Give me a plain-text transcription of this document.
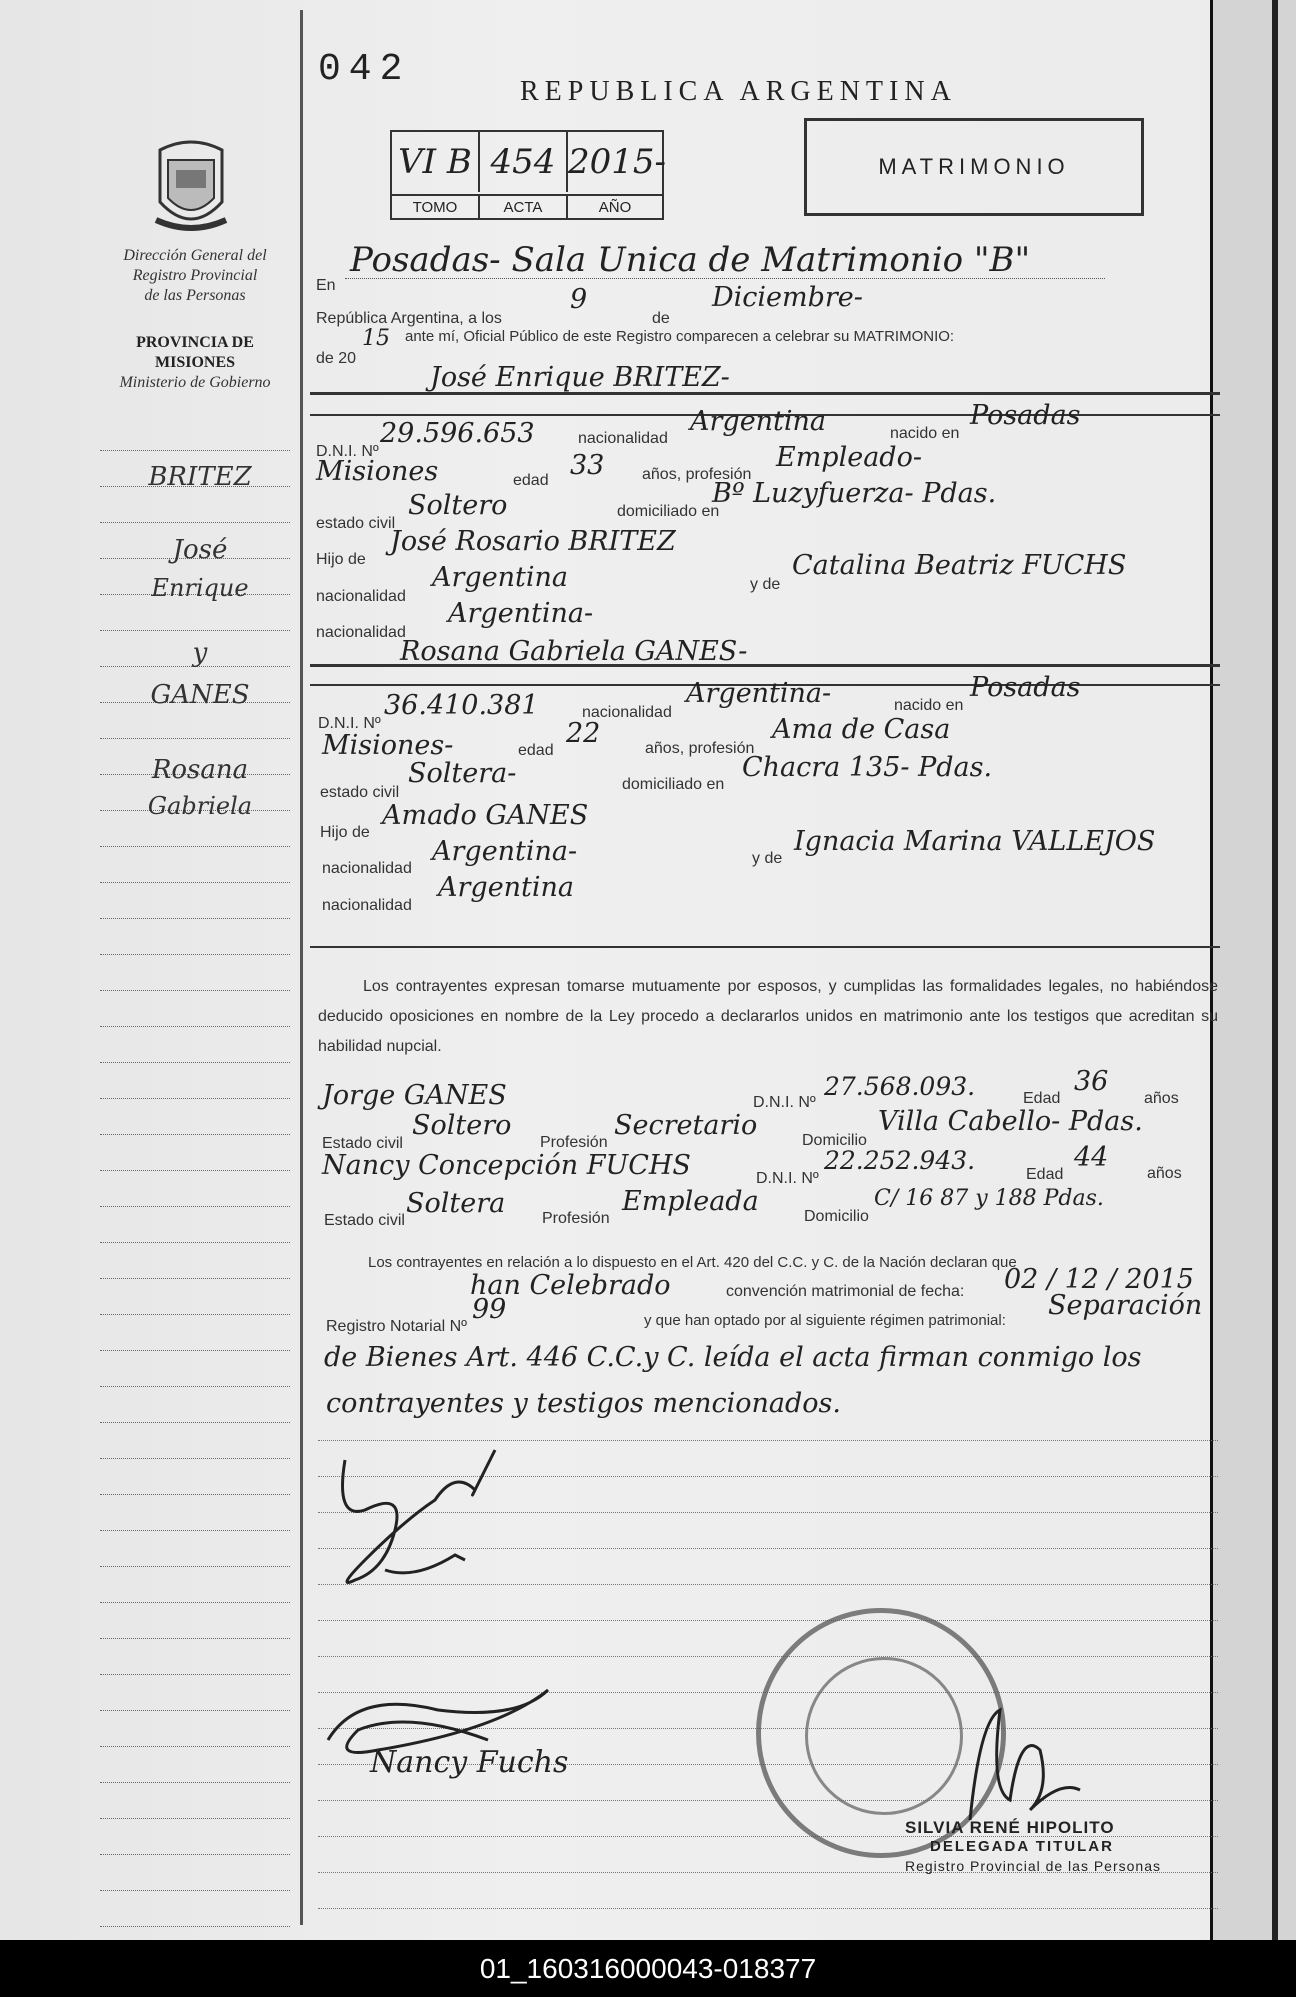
Dirección General del
Registro Provincial
de las Personas
PROVINCIA DE
MISIONES
Ministerio de Gobierno
BRITEZ
José
Enrique
y
GANES
Rosana
Gabriela
042
REPUBLICA ARGENTINA
VI B 454 2015-
TOMO	ACTA	AÑO
MATRIMONIO
En
Posadas- Sala Unica de Matrimonio "B"
República Argentina, a los
9
de
Diciembre-
de 20
15 ante mí, Oficial Público de este Registro comparecen a celebrar su MATRIMONIO:
José Enrique BRITEZ-
D.N.I. Nº
29.596.653	nacionalidad
Argentina	nacido en
Posadas
Misiones	edad 33 años, profesión
Empleado-
estado civil
Soltero	domiciliado en
Bº Luzyfuerza- Pdas.
Hijo de
José Rosario BRITEZ
nacionalidad
Argentina	y de
Catalina Beatriz FUCHS
nacionalidad
Argentina-
Rosana Gabriela GANES-
D.N.I. Nº
36.410.381	nacionalidad
Argentina-	nacido en
Posadas
Misiones-	edad
22	años, profesión
Ama de Casa
estado civil
Soltera-	domiciliado en
Chacra 135- Pdas.
Hijo de
Amado GANES
nacionalidad
Argentina-	y de
Ignacia Marina VALLEJOS
nacionalidad
Argentina
Los contrayentes expresan tomarse mutuamente por esposos, y cumplidas las formalidades legales, no habiéndose deducido oposiciones en nombre de la Ley procedo a declararlos unidos en matrimonio ante los testigos que acreditan su habilidad nupcial.
Jorge GANES	D.N.I. Nº
27.568.093.	Edad
36
años
Estado civil
Soltero
Profesión
Secretario	Domicilio
Villa Cabello- Pdas.
Nancy Concepción FUCHS	D.N.I. Nº
22.252.943.	Edad
44
años
Estado civil
Soltera Profesión
Empleada	Domicilio
C/ 16 87 y 188 Pdas.
Los contrayentes en relación a lo dispuesto en el Art. 420 del C.C. y C. de la Nación declaran que
han Celebrado	convención matrimonial de fecha: 02 / 12 / 2015
Registro Notarial Nº
99	y que han optado por al siguiente régimen patrimonial: Separación
de Bienes Art. 446 C.C.y C. leída el acta firman conmigo los
contrayentes y testigos mencionados.
Nancy Fuchs
SILVIA RENÉ HIPOLITO
DELEGADA TITULAR
Registro Provincial de las Personas
01_160316000043-018377
